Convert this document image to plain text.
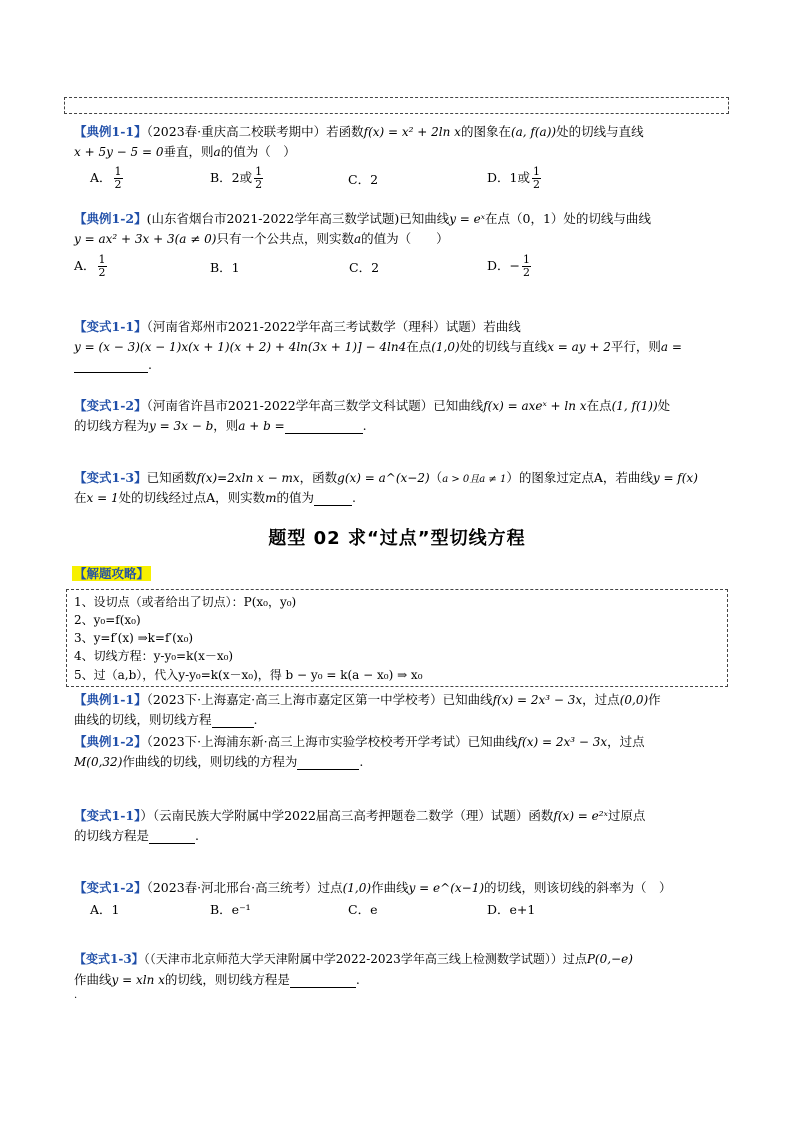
【典例1-1】（2023春·重庆高二校联考期中）若函数f(x) = x² + 2ln x的图象在(a, f(a))处的切线与直线
x + 5y − 5 = 0垂直，则a的值为（　）
A． $\frac{1}{2}$	B．2或 $\frac{1}{2}$	C．2	D．1或 $\frac{1}{2}$
【典例1-2】(山东省烟台市2021-2022学年高三数学试题)已知曲线y = eˣ在点（0，1）处的切线与曲线
y = ax² + 3x + 3(a ≠ 0)只有一个公共点，则实数a的值为（　　）
A． $\frac{1}{2}$	B．1	C．2	D．− $\frac{1}{2}$
【变式1-1】（河南省郑州市2021-2022学年高三考试数学（理科）试题）若曲线
y = (x − 3)(x − 1)x(x + 1)(x + 2) + 4ln(3x + 1)] − 4ln4在点(1,0)处的切线与直线x = ay + 2平行，则a =
.
【变式1-2】（河南省许昌市2021-2022学年高三数学文科试题）已知曲线f(x) = axeˣ + ln x在点(1, f(1))处
的切线方程为y = 3x − b，则a + b =	.
【变式1-3】已知函数f(x)=2xln x − mx，函数g(x) = a^(x−2)（a > 0且a ≠ 1）的图象过定点A，若曲线y = f(x)
在x = 1处的切线经过点A，则实数m的值为	.
题型 02 求“过点”型切线方程
【解题攻略】
1、设切点（或者给出了切点）：P(x₀，y₀)
2、y₀=f(x₀)
3、y=f′(x) ⇒k=f′(x₀)
4、切线方程：y-y₀=k(x－x₀)
5、过（a,b），代入y-y₀=k(x－x₀)，得 b − y₀ = k(a − x₀) ⇒ x₀
【典例1-1】（2023下·上海嘉定·高三上海市嘉定区第一中学校考）已知曲线f(x) = 2x³ − 3x，过点(0,0)作
曲线的切线，则切线方程	.
【典例1-2】（2023下·上海浦东新·高三上海市实验学校校考开学考试）已知曲线f(x) = 2x³ − 3x，过点
M(0,32)作曲线的切线，则切线的方程为	.
【变式1-1】）（云南民族大学附属中学2022届高三高考押题卷二数学（理）试题）函数f(x) = e²ˣ过原点
的切线方程是	.
【变式1-2】（2023春·河北邢台·高三统考）过点(1,0)作曲线y = e^(x−1)的切线，则该切线的斜率为（　）
A．1	B．e⁻¹	C．e	D．e+1
【变式1-3】（（天津市北京师范大学天津附属中学2022-2023学年高三线上检测数学试题））过点P(0,−e)
作曲线y = xln x的切线，则切线方程是	.
.
